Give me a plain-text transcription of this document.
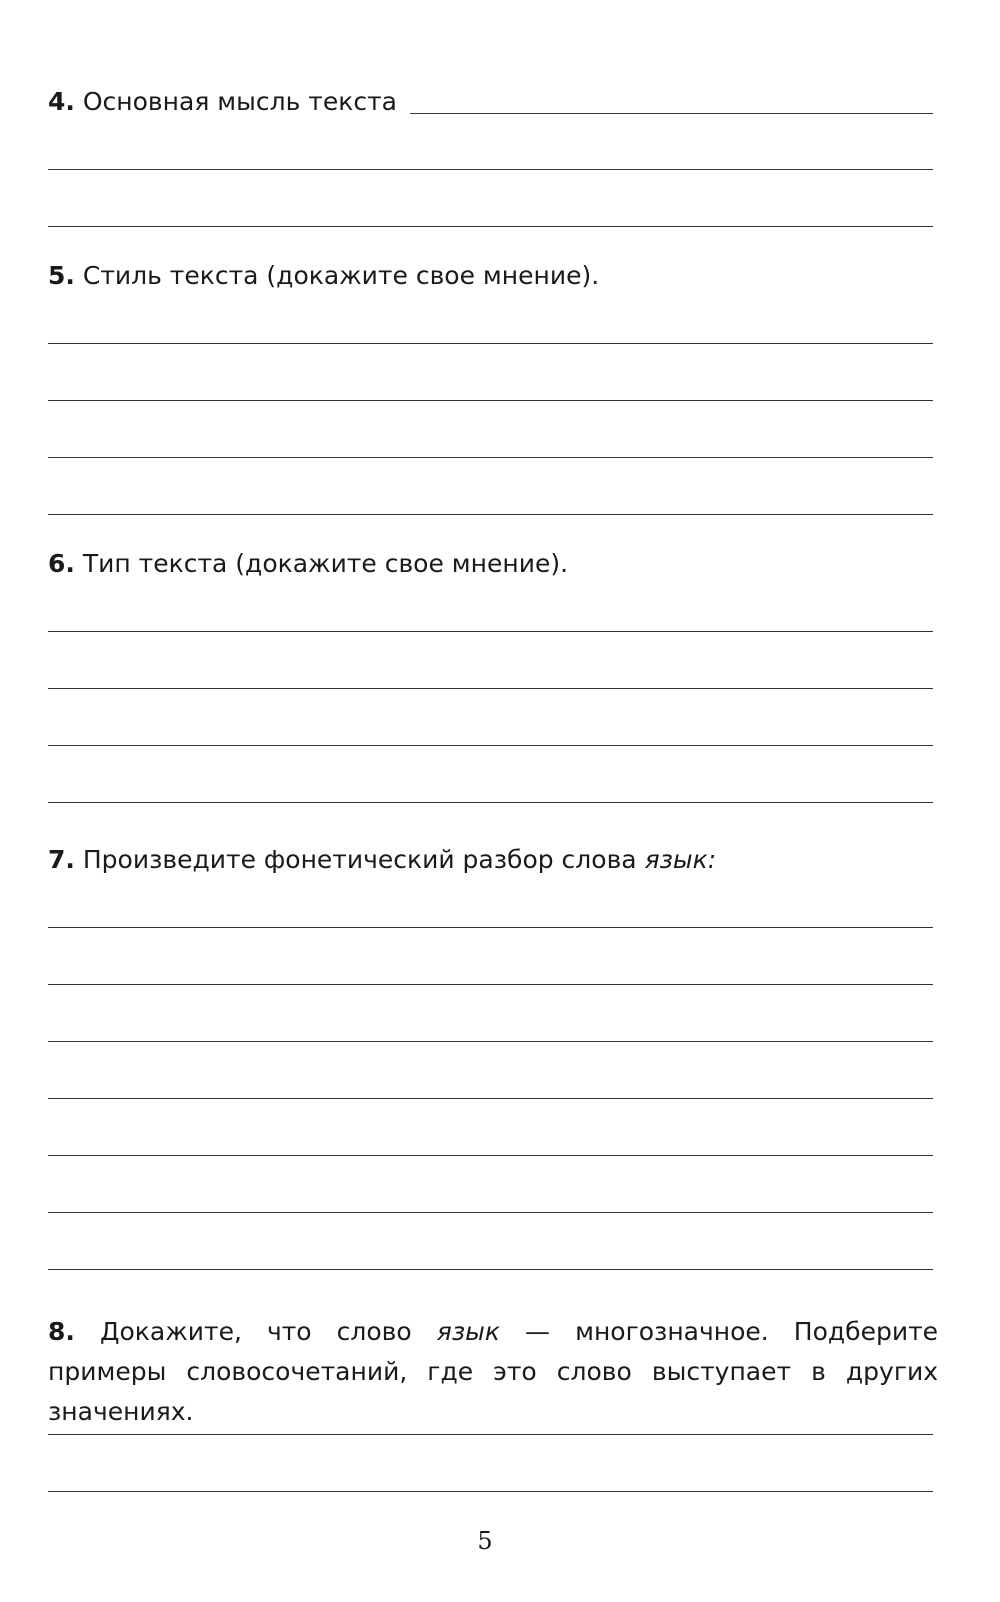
4. Основная мысль текста
5. Стиль текста (докажите свое мнение).
6. Тип текста (докажите свое мнение).
7. Произведите фонетический разбор слова язык:
8. Докажите, что слово язык — многозначное. Подберите примеры словосочетаний, где это слово выступает в других значениях.
5
